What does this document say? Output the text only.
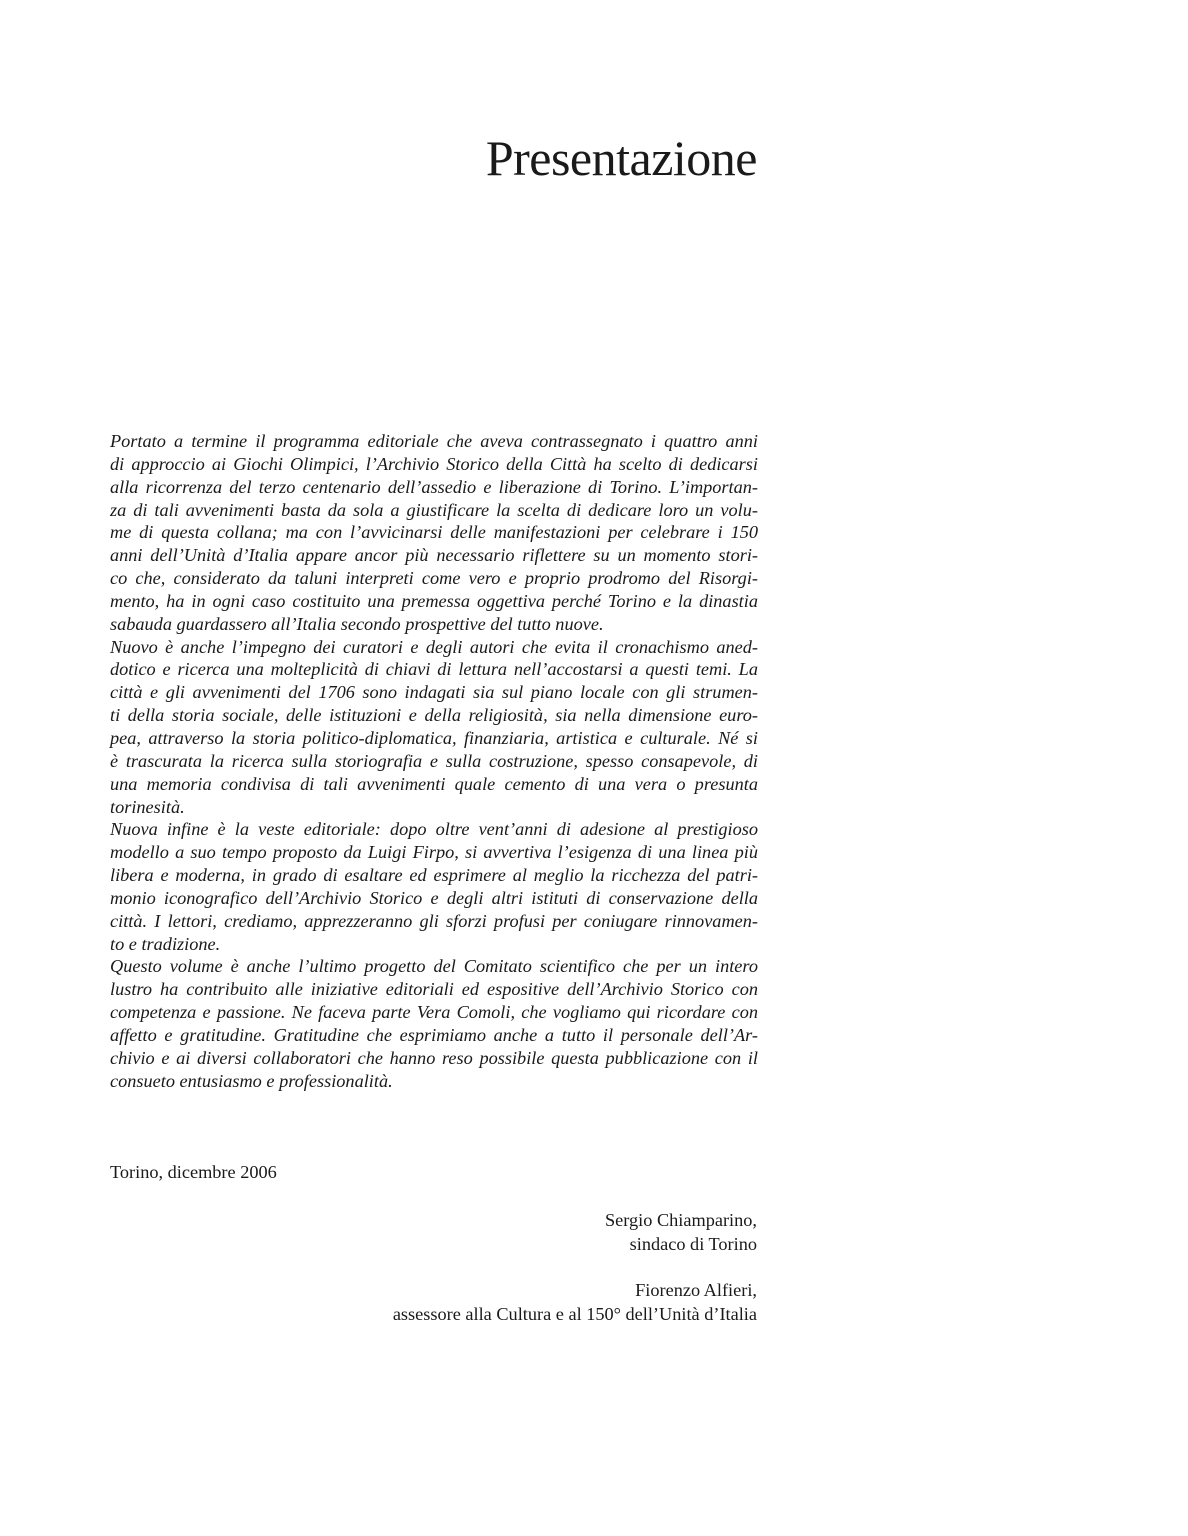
Presentazione
Portato a termine il programma editoriale che aveva contrassegnato i quattro anni
di approccio ai Giochi Olimpici, l’Archivio Storico della Città ha scelto di dedicarsi
alla ricorrenza del terzo centenario dell’assedio e liberazione di Torino. L’importan-
za di tali avvenimenti basta da sola a giustificare la scelta di dedicare loro un volu-
me di questa collana; ma con l’avvicinarsi delle manifestazioni per celebrare i 150
anni dell’Unità d’Italia appare ancor più necessario riflettere su un momento stori-
co che, considerato da taluni interpreti come vero e proprio prodromo del Risorgi-
mento, ha in ogni caso costituito una premessa oggettiva perché Torino e la dinastia
sabauda guardassero all’Italia secondo prospettive del tutto nuove.
Nuovo è anche l’impegno dei curatori e degli autori che evita il cronachismo aned-
dotico e ricerca una molteplicità di chiavi di lettura nell’accostarsi a questi temi. La
città e gli avvenimenti del 1706 sono indagati sia sul piano locale con gli strumen-
ti della storia sociale, delle istituzioni e della religiosità, sia nella dimensione euro-
pea, attraverso la storia politico-diplomatica, finanziaria, artistica e culturale. Né si
è trascurata la ricerca sulla storiografia e sulla costruzione, spesso consapevole, di
una memoria condivisa di tali avvenimenti quale cemento di una vera o presunta
torinesità.
Nuova infine è la veste editoriale: dopo oltre vent’anni di adesione al prestigioso
modello a suo tempo proposto da Luigi Firpo, si avvertiva l’esigenza di una linea più
libera e moderna, in grado di esaltare ed esprimere al meglio la ricchezza del patri-
monio iconografico dell’Archivio Storico e degli altri istituti di conservazione della
città. I lettori, crediamo, apprezzeranno gli sforzi profusi per coniugare rinnovamen-
to e tradizione.
Questo volume è anche l’ultimo progetto del Comitato scientifico che per un intero
lustro ha contribuito alle iniziative editoriali ed espositive dell’Archivio Storico con
competenza e passione. Ne faceva parte Vera Comoli, che vogliamo qui ricordare con
affetto e gratitudine. Gratitudine che esprimiamo anche a tutto il personale dell’Ar-
chivio e ai diversi collaboratori che hanno reso possibile questa pubblicazione con il
consueto entusiasmo e professionalità.
Torino, dicembre 2006
Sergio Chiamparino,
sindaco di Torino
Fiorenzo Alfieri,
assessore alla Cultura e al 150° dell’Unità d’Italia
